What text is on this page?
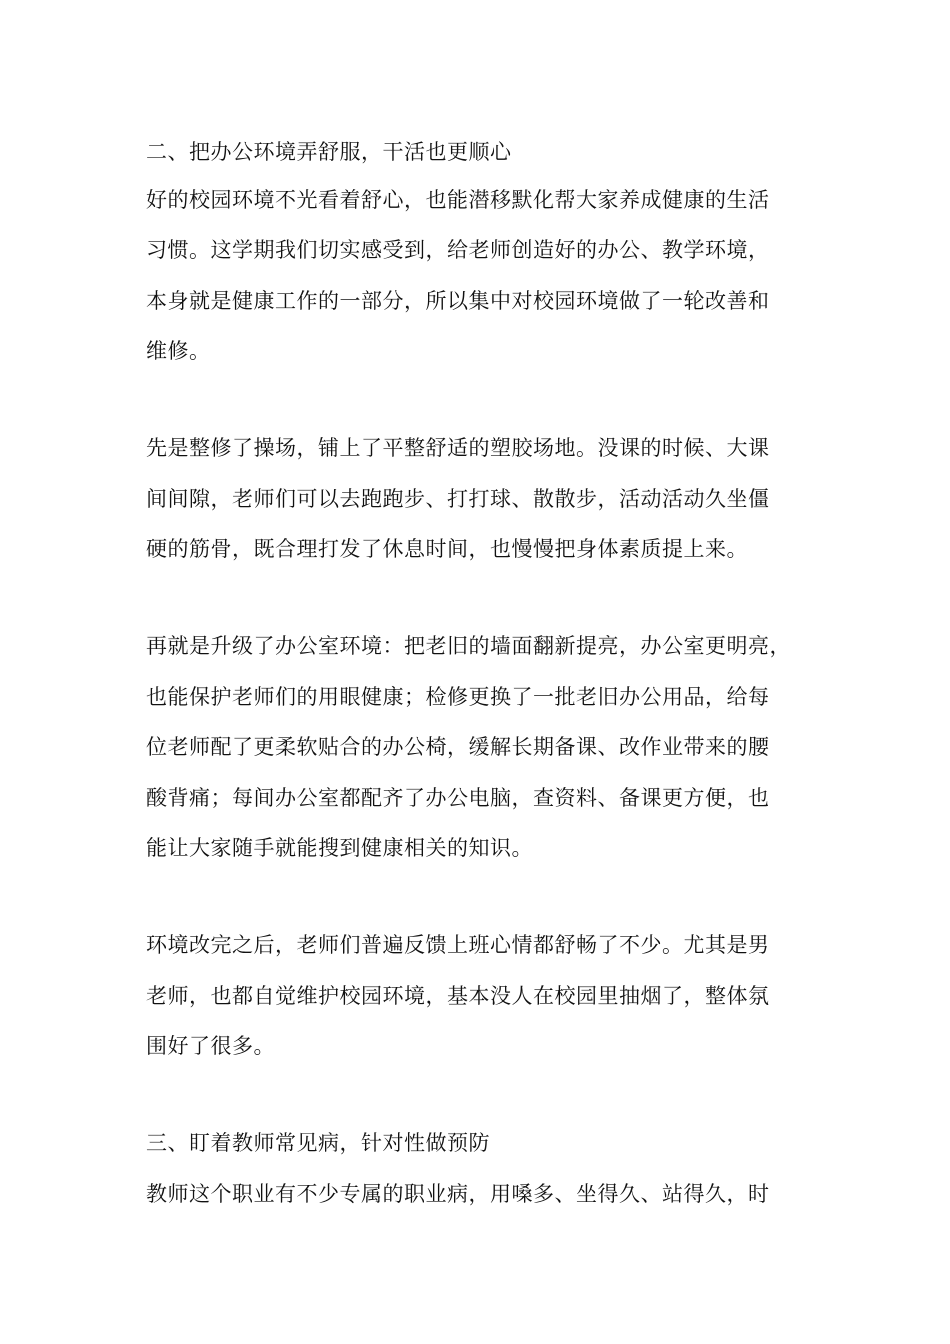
二、把办公环境弄舒服，干活也更顺心
好的校园环境不光看着舒心，也能潜移默化帮大家养成健康的生活
习惯。这学期我们切实感受到，给老师创造好的办公、教学环境，
本身就是健康工作的一部分，所以集中对校园环境做了一轮改善和
维修。
先是整修了操场，铺上了平整舒适的塑胶场地。没课的时候、大课
间间隙，老师们可以去跑跑步、打打球、散散步，活动活动久坐僵
硬的筋骨，既合理打发了休息时间，也慢慢把身体素质提上来。
再就是升级了办公室环境：把老旧的墙面翻新提亮，办公室更明亮，
也能保护老师们的用眼健康；检修更换了一批老旧办公用品，给每
位老师配了更柔软贴合的办公椅，缓解长期备课、改作业带来的腰
酸背痛；每间办公室都配齐了办公电脑，查资料、备课更方便，也
能让大家随手就能搜到健康相关的知识。
环境改完之后，老师们普遍反馈上班心情都舒畅了不少。尤其是男
老师，也都自觉维护校园环境，基本没人在校园里抽烟了，整体氛
围好了很多。
三、盯着教师常见病，针对性做预防
教师这个职业有不少专属的职业病，用嗓多、坐得久、站得久，时
